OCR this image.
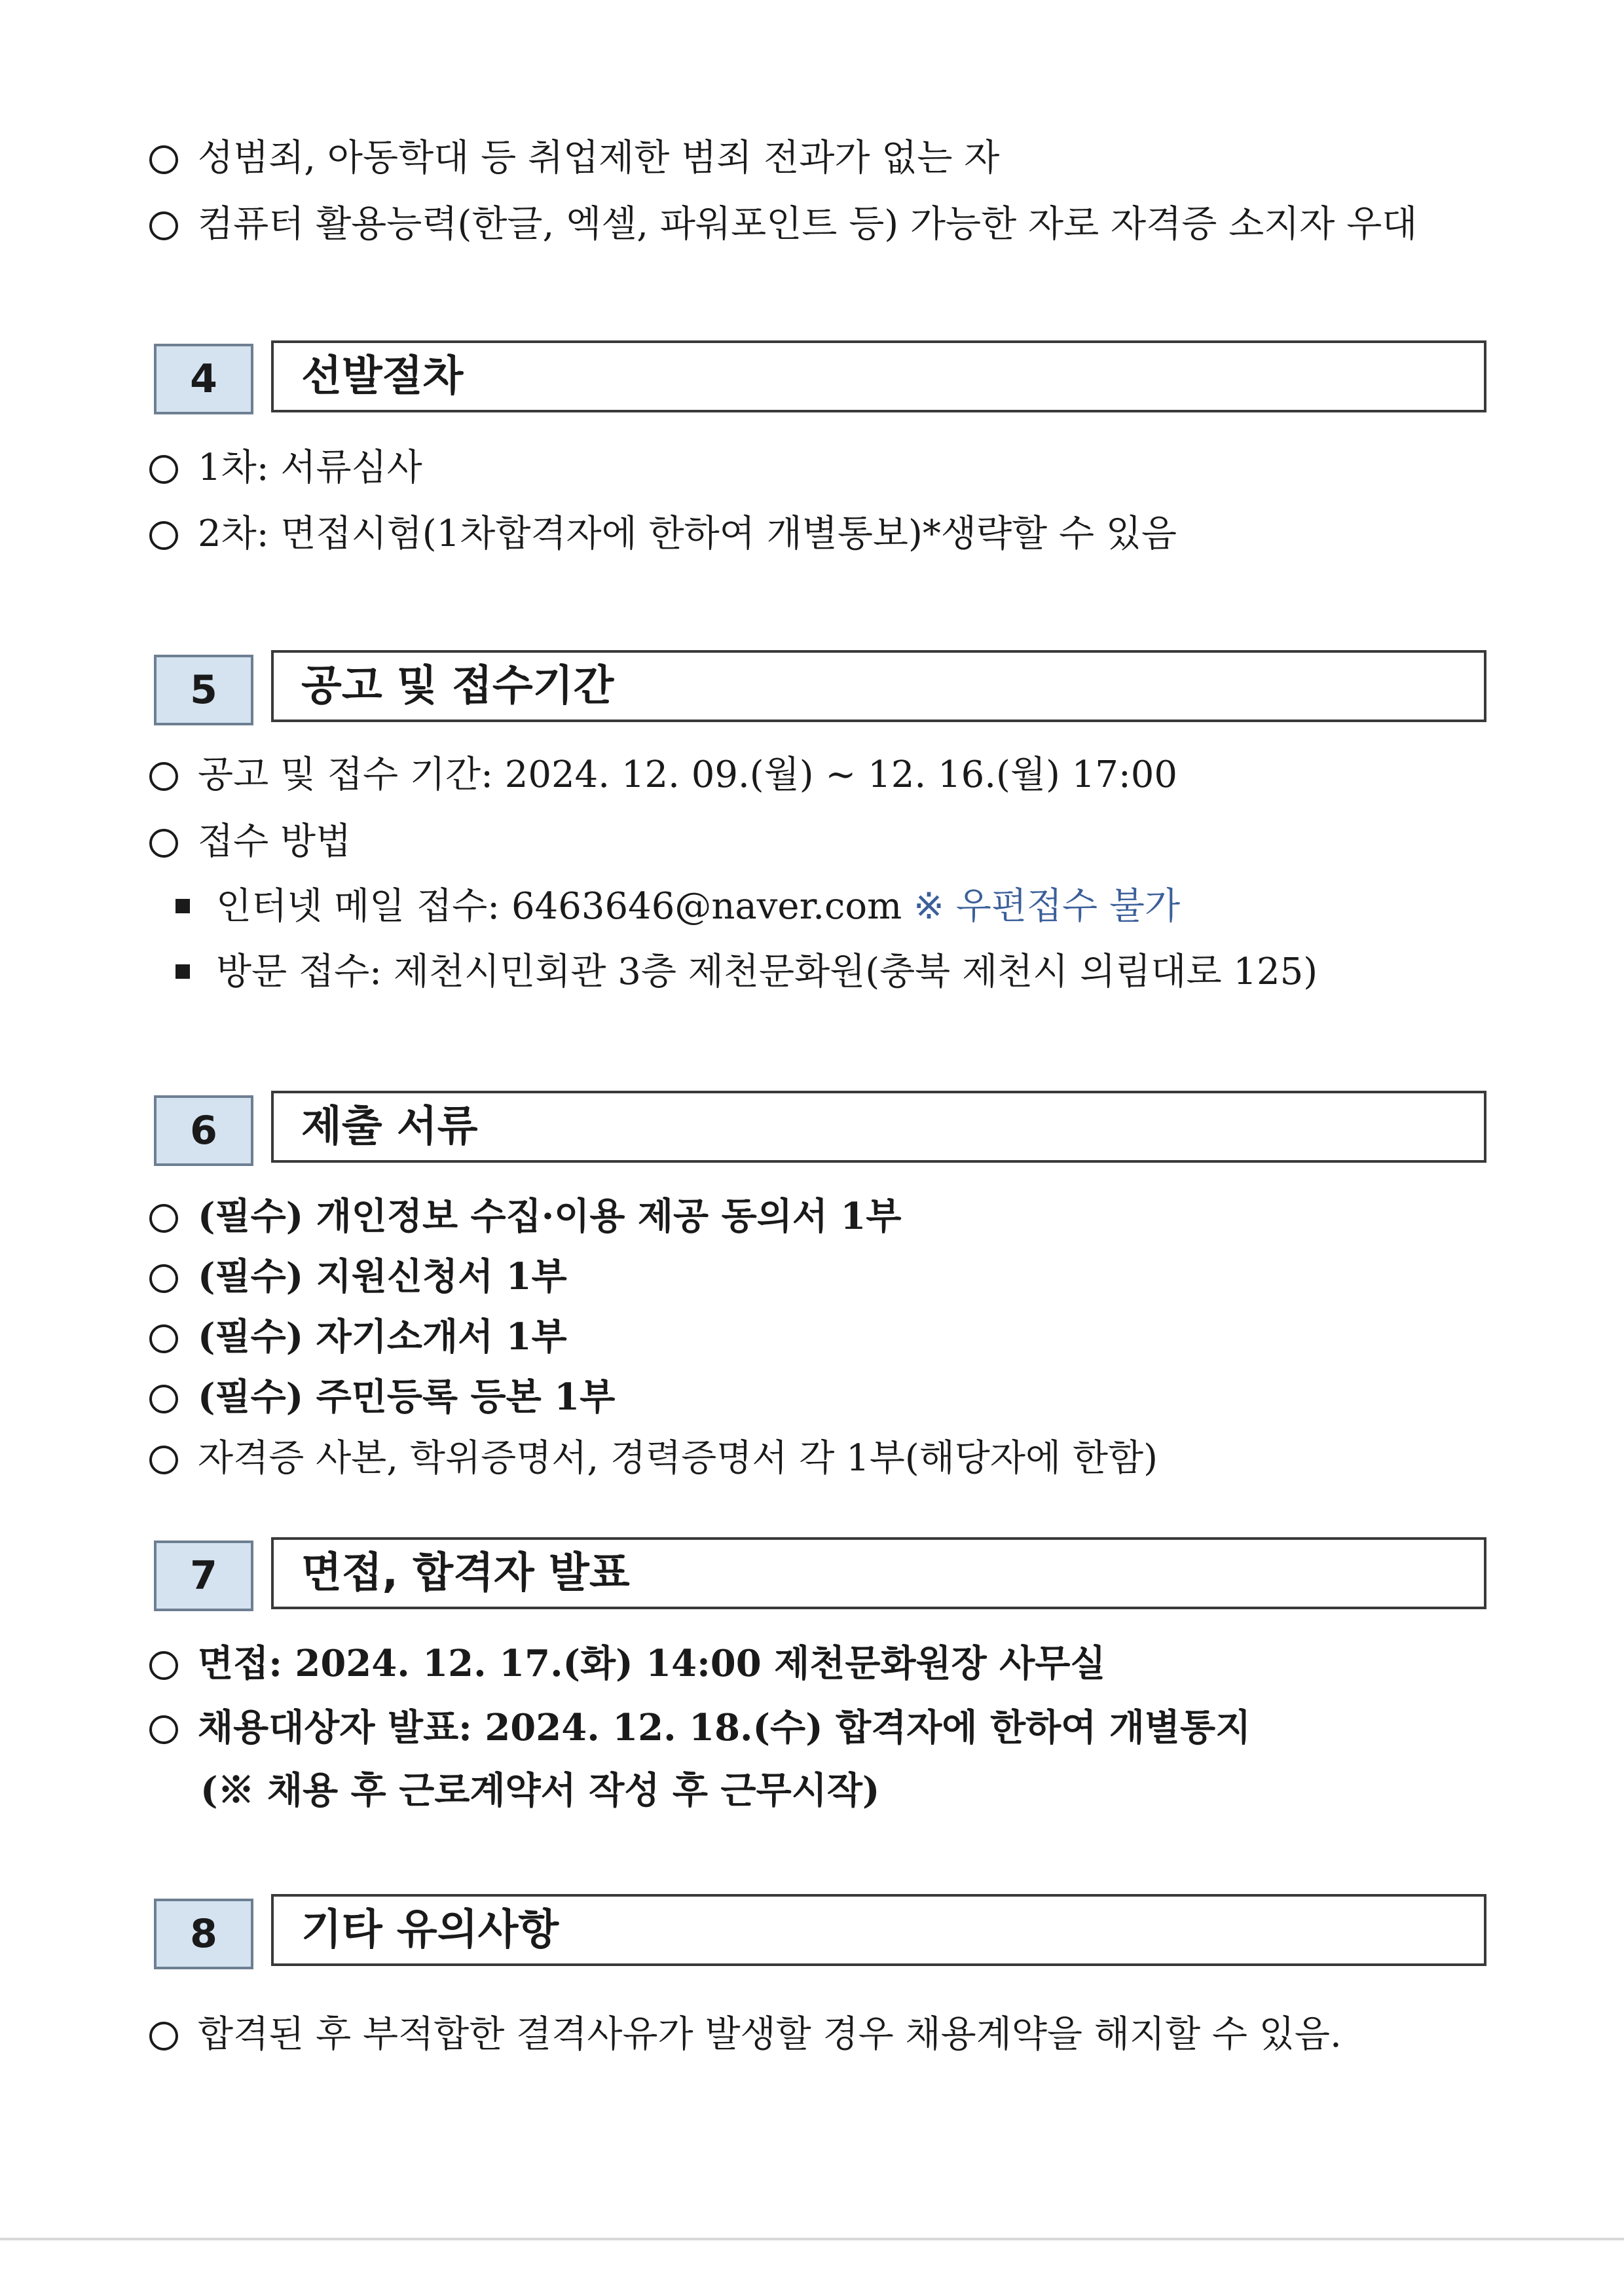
성범죄, 아동학대 등 취업제한 범죄 전과가 없는 자
컴퓨터 활용능력(한글, 엑셀, 파워포인트 등) 가능한 자로 자격증 소지자 우대
4	선발절차
1차: 서류심사
2차: 면접시험(1차합격자에 한하여 개별통보)*생략할 수 있음
5	공고 및 접수기간
공고 및 접수 기간: 2024. 12. 09.(월) ~ 12. 16.(월) 17:00
접수 방법
인터넷 메일 접수: 6463646@naver.com ※ 우편접수 불가
방문 접수: 제천시민회관 3층 제천문화원(충북 제천시 의림대로 125)
6	제출 서류
(필수) 개인정보 수집·이용 제공 동의서 1부
(필수) 지원신청서 1부
(필수) 자기소개서 1부
(필수) 주민등록 등본 1부
자격증 사본, 학위증명서, 경력증명서 각 1부(해당자에 한함)
7	면접, 합격자 발표
면접: 2024. 12. 17.(화) 14:00 제천문화원장 사무실
채용대상자 발표: 2024. 12. 18.(수) 합격자에 한하여 개별통지
(※ 채용 후 근로계약서 작성 후 근무시작)
8	기타 유의사항
합격된 후 부적합한 결격사유가 발생할 경우 채용계약을 해지할 수 있음.
